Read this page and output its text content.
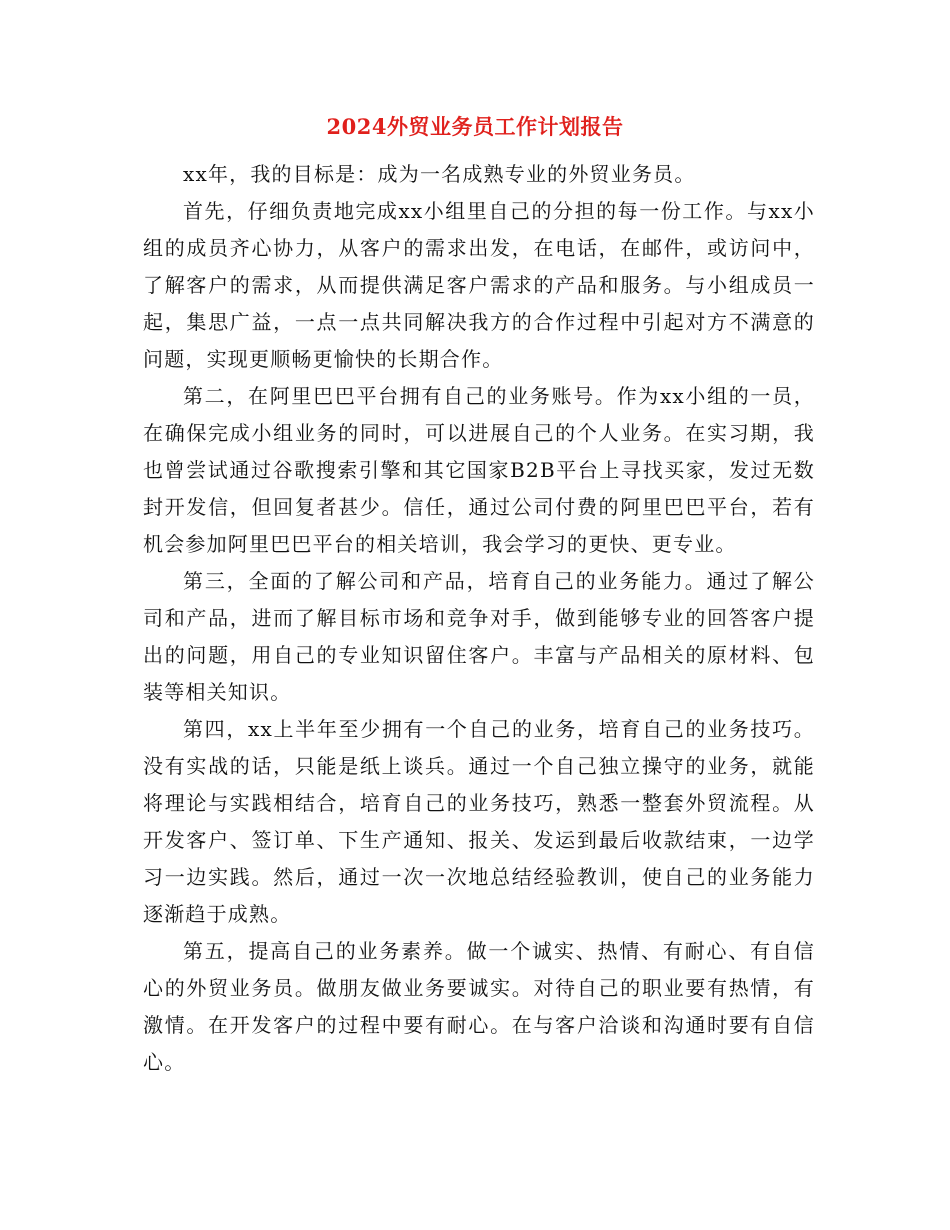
2024外贸业务员工作计划报告

xx年，我的目标是：成为一名成熟专业的外贸业务员。

首先，仔细负责地完成xx小组里自己的分担的每一份工作。与xx小组的成员齐心协力，从客户的需求出发，在电话，在邮件，或访问中，了解客户的需求，从而提供满足客户需求的产品和服务。与小组成员一起，集思广益，一点一点共同解决我方的合作过程中引起对方不满意的问题，实现更顺畅更愉快的长期合作。

第二，在阿里巴巴平台拥有自己的业务账号。作为xx小组的一员，在确保完成小组业务的同时，可以进展自己的个人业务。在实习期，我也曾尝试通过谷歌搜索引擎和其它国家B2B平台上寻找买家，发过无数封开发信，但回复者甚少。信任，通过公司付费的阿里巴巴平台，若有机会参加阿里巴巴平台的相关培训，我会学习的更快、更专业。

第三，全面的了解公司和产品，培育自己的业务能力。通过了解公司和产品，进而了解目标市场和竞争对手，做到能够专业的回答客户提出的问题，用自己的专业知识留住客户。丰富与产品相关的原材料、包装等相关知识。

第四，xx上半年至少拥有一个自己的业务，培育自己的业务技巧。没有实战的话，只能是纸上谈兵。通过一个自己独立操守的业务，就能将理论与实践相结合，培育自己的业务技巧，熟悉一整套外贸流程。从开发客户、签订单、下生产通知、报关、发运到最后收款结束，一边学习一边实践。然后，通过一次一次地总结经验教训，使自己的业务能力逐渐趋于成熟。

第五，提高自己的业务素养。做一个诚实、热情、有耐心、有自信心的外贸业务员。做朋友做业务要诚实。对待自己的职业要有热情，有激情。在开发客户的过程中要有耐心。在与客户洽谈和沟通时要有自信心。
